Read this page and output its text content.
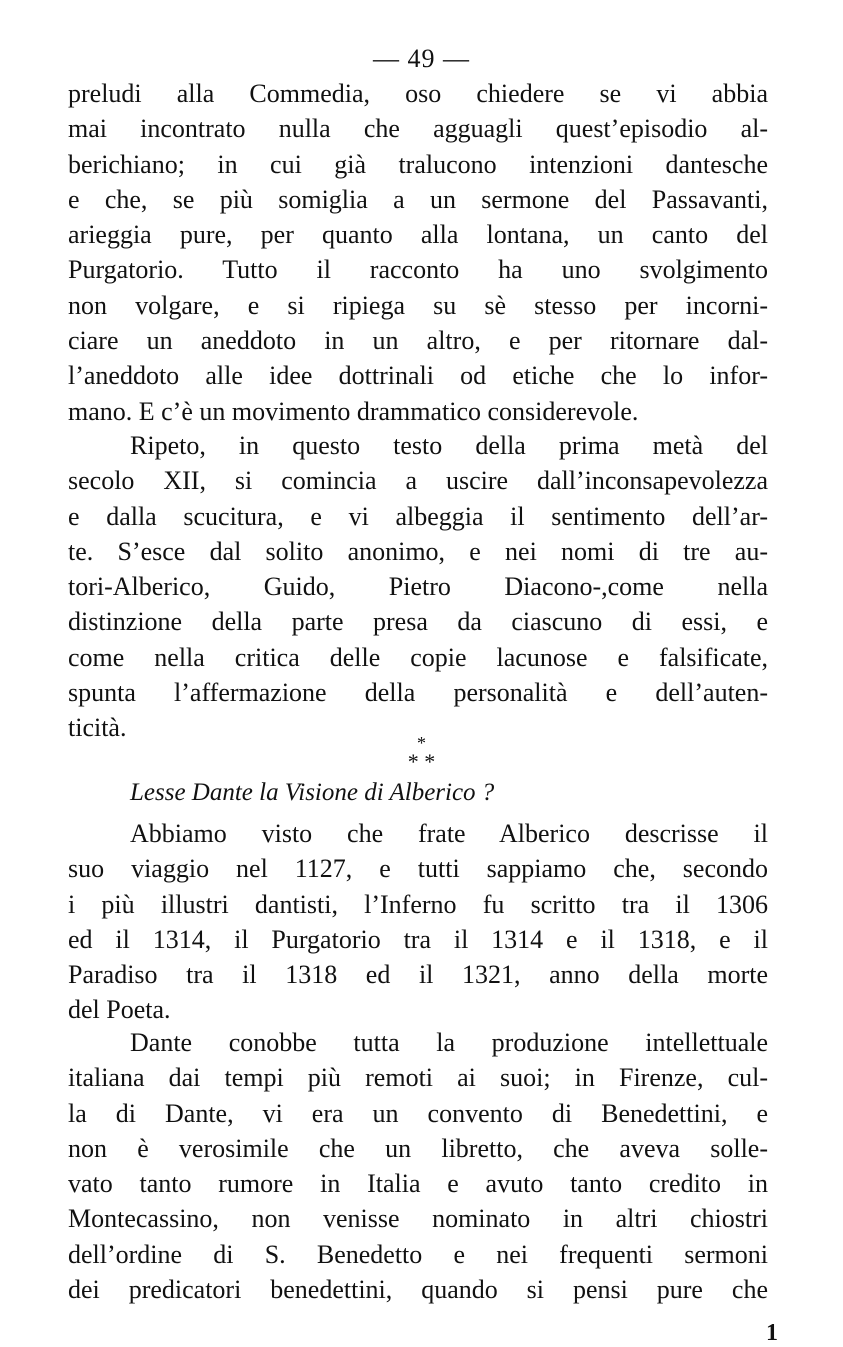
— 49 —
preludi alla Commedia, oso chiedere se vi abbia
mai incontrato nulla che agguagli quest’episodio al-
berichiano; in cui già tralucono intenzioni dantesche
e che, se più somiglia a un sermone del Passavanti,
arieggia pure, per quanto alla lontana, un canto del
Purgatorio. Tutto il racconto ha uno svolgimento
non volgare, e si ripiega su sè stesso per incorni-
ciare un aneddoto in un altro, e per ritornare dal-
l’aneddoto alle idee dottrinali od etiche che lo infor-
mano. E c’è un movimento drammatico considerevole.
Ripeto, in questo testo della prima metà del
secolo XII, si comincia a uscire dall’inconsapevolezza
e dalla scucitura, e vi albeggia il sentimento dell’ar-
te. S’esce dal solito anonimo, e nei nomi di tre au-
tori-Alberico, Guido, Pietro Diacono-,come nella
distinzione della parte presa da ciascuno di essi, e
come nella critica delle copie lacunose e falsificate,
spunta l’affermazione della personalità e dell’auten-
ticità.
*
* *
Lesse Dante la Visione di Alberico ?
Abbiamo visto che frate Alberico descrisse il
suo viaggio nel 1127, e tutti sappiamo che, secondo
i più illustri dantisti, l’Inferno fu scritto tra il 1306
ed il 1314, il Purgatorio tra il 1314 e il 1318, e il
Paradiso tra il 1318 ed il 1321, anno della morte
del Poeta.
Dante conobbe tutta la produzione intellettuale
italiana dai tempi più remoti ai suoi; in Firenze, cul-
la di Dante, vi era un convento di Benedettini, e
non è verosimile che un libretto, che aveva solle-
vato tanto rumore in Italia e avuto tanto credito in
Montecassino, non venisse nominato in altri chiostri
dell’ordine di S. Benedetto e nei frequenti sermoni
dei predicatori benedettini, quando si pensi pure che
1
